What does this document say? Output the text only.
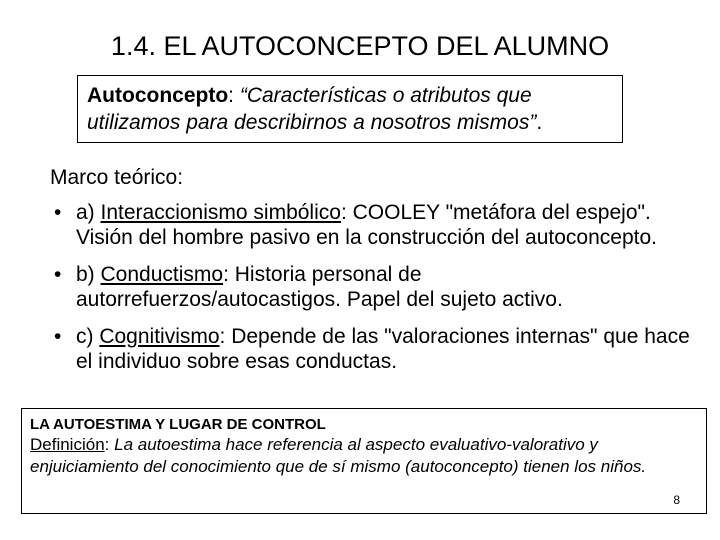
1.4. EL AUTOCONCEPTO DEL ALUMNO
Autoconcepto: “Características o atributos que utilizamos para describirnos a nosotros mismos”.
Marco teórico:
• a) Interaccionismo simbólico: COOLEY "metáfora del espejo". Visión del hombre pasivo en la construcción del autoconcepto.
• b) Conductismo: Historia personal de autorrefuerzos/autocastigos. Papel del sujeto activo.
• c) Cognitivismo: Depende de las "valoraciones internas" que hace el individuo sobre esas conductas.
LA AUTOESTIMA Y LUGAR DE CONTROL
Definición: La autoestima hace referencia al aspecto evaluativo-valorativo y enjuiciamiento del conocimiento que de sí mismo (autoconcepto) tienen los niños.
8
